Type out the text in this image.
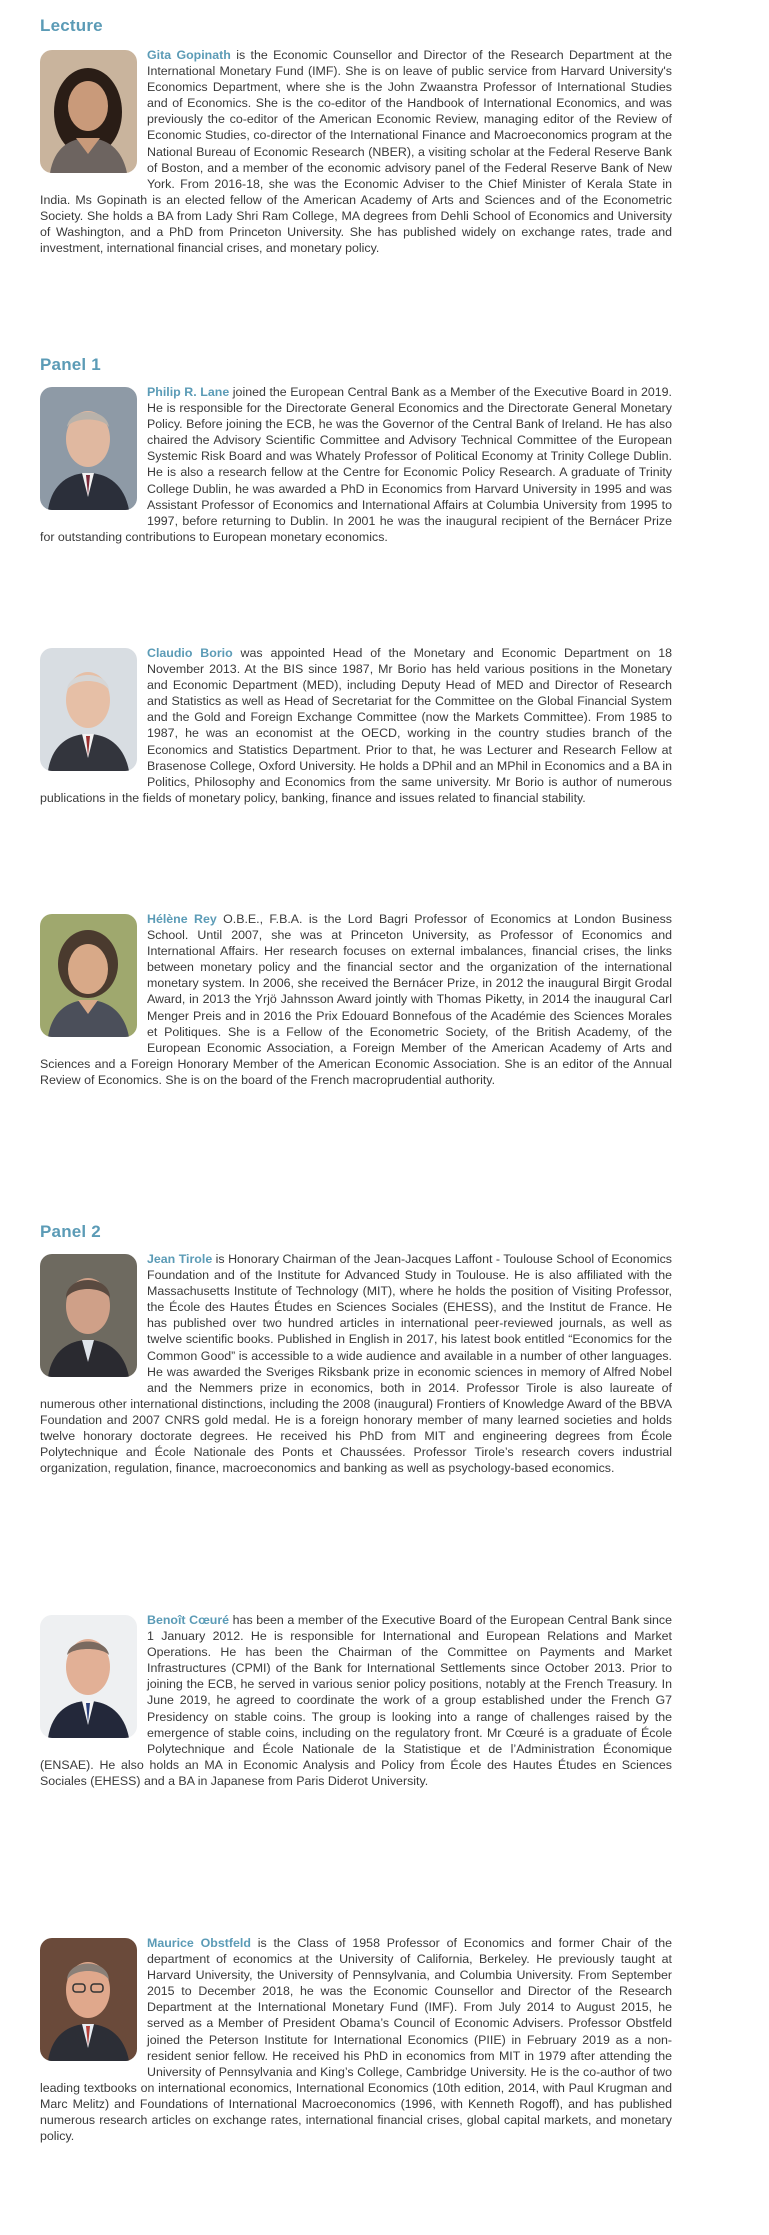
Lecture
Gita Gopinath is the Economic Counsellor and Director of the Research Department at the International Monetary Fund (IMF). She is on leave of public service from Harvard University's Economics Department, where she is the John Zwaanstra Professor of International Studies and of Economics. She is the co-editor of the Handbook of International Economics, and was previously the co-editor of the American Economic Review, managing editor of the Review of Economic Studies, co-director of the International Finance and Macroeconomics program at the National Bureau of Economic Research (NBER), a visiting scholar at the Federal Reserve Bank of Boston, and a member of the economic advisory panel of the Federal Reserve Bank of New York. From 2016-18, she was the Economic Adviser to the Chief Minister of Kerala State in India. Ms Gopinath is an elected fellow of the American Academy of Arts and Sciences and of the Econometric Society. She holds a BA from Lady Shri Ram College, MA degrees from Dehli School of Economics and University of Washington, and a PhD from Princeton University. She has published widely on exchange rates, trade and investment, international financial crises, and monetary policy.
Panel 1
Philip R. Lane joined the European Central Bank as a Member of the Executive Board in 2019. He is responsible for the Directorate General Economics and the Directorate General Monetary Policy. Before joining the ECB, he was the Governor of the Central Bank of Ireland. He has also chaired the Advisory Scientific Committee and Advisory Technical Committee of the European Systemic Risk Board and was Whately Professor of Political Economy at Trinity College Dublin. He is also a research fellow at the Centre for Economic Policy Research. A graduate of Trinity College Dublin, he was awarded a PhD in Economics from Harvard University in 1995 and was Assistant Professor of Economics and International Affairs at Columbia University from 1995 to 1997, before returning to Dublin. In 2001 he was the inaugural recipient of the Bernácer Prize for outstanding contributions to European monetary economics.
Claudio Borio was appointed Head of the Monetary and Economic Department on 18 November 2013. At the BIS since 1987, Mr Borio has held various positions in the Monetary and Economic Department (MED), including Deputy Head of MED and Director of Research and Statistics as well as Head of Secretariat for the Committee on the Global Financial System and the Gold and Foreign Exchange Committee (now the Markets Committee). From 1985 to 1987, he was an economist at the OECD, working in the country studies branch of the Economics and Statistics Department. Prior to that, he was Lecturer and Research Fellow at Brasenose College, Oxford University. He holds a DPhil and an MPhil in Economics and a BA in Politics, Philosophy and Economics from the same university. Mr Borio is author of numerous publications in the fields of monetary policy, banking, finance and issues related to financial stability.
Hélène Rey O.B.E., F.B.A. is the Lord Bagri Professor of Economics at London Business School. Until 2007, she was at Princeton University, as Professor of Economics and International Affairs. Her research focuses on external imbalances, financial crises, the links between monetary policy and the financial sector and the organization of the international monetary system. In 2006, she received the Bernácer Prize, in 2012 the inaugural Birgit Grodal Award, in 2013 the Yrjö Jahnsson Award jointly with Thomas Piketty, in 2014 the inaugural Carl Menger Preis and in 2016 the Prix Edouard Bonnefous of the Académie des Sciences Morales et Politiques. She is a Fellow of the Econometric Society, of the British Academy, of the European Economic Association, a Foreign Member of the American Academy of Arts and Sciences and a Foreign Honorary Member of the American Economic Association. She is an editor of the Annual Review of Economics. She is on the board of the French macroprudential authority.
Panel 2
Jean Tirole is Honorary Chairman of the Jean-Jacques Laffont - Toulouse School of Economics Foundation and of the Institute for Advanced Study in Toulouse. He is also affiliated with the Massachusetts Institute of Technology (MIT), where he holds the position of Visiting Professor, the École des Hautes Études en Sciences Sociales (EHESS), and the Institut de France. He has published over two hundred articles in international peer-reviewed journals, as well as twelve scientific books. Published in English in 2017, his latest book entitled “Economics for the Common Good” is accessible to a wide audience and available in a number of other languages. He was awarded the Sveriges Riksbank prize in economic sciences in memory of Alfred Nobel and the Nemmers prize in economics, both in 2014. Professor Tirole is also laureate of numerous other international distinctions, including the 2008 (inaugural) Frontiers of Knowledge Award of the BBVA Foundation and 2007 CNRS gold medal. He is a foreign honorary member of many learned societies and holds twelve honorary doctorate degrees. He received his PhD from MIT and engineering degrees from École Polytechnique and École Nationale des Ponts et Chaussées. Professor Tirole’s research covers industrial organization, regulation, finance, macroeconomics and banking as well as psychology-based economics.
Benoît Cœuré has been a member of the Executive Board of the European Central Bank since 1 January 2012. He is responsible for International and European Relations and Market Operations. He has been the Chairman of the Committee on Payments and Market Infrastructures (CPMI) of the Bank for International Settlements since October 2013. Prior to joining the ECB, he served in various senior policy positions, notably at the French Treasury. In June 2019, he agreed to coordinate the work of a group established under the French G7 Presidency on stable coins. The group is looking into a range of challenges raised by the emergence of stable coins, including on the regulatory front. Mr Cœuré is a graduate of École Polytechnique and École Nationale de la Statistique et de l’Administration Économique (ENSAE). He also holds an MA in Economic Analysis and Policy from École des Hautes Études en Sciences Sociales (EHESS) and a BA in Japanese from Paris Diderot University.
Maurice Obstfeld is the Class of 1958 Professor of Economics and former Chair of the department of economics at the University of California, Berkeley. He previously taught at Harvard University, the University of Pennsylvania, and Columbia University. From September 2015 to December 2018, he was the Economic Counsellor and Director of the Research Department at the International Monetary Fund (IMF). From July 2014 to August 2015, he served as a Member of President Obama’s Council of Economic Advisers. Professor Obstfeld joined the Peterson Institute for International Economics (PIIE) in February 2019 as a non-resident senior fellow. He received his PhD in economics from MIT in 1979 after attending the University of Pennsylvania and King’s College, Cambridge University. He is the co-author of two leading textbooks on international economics, International Economics (10th edition, 2014, with Paul Krugman and Marc Melitz) and Foundations of International Macroeconomics (1996, with Kenneth Rogoff), and has published numerous research articles on exchange rates, international financial crises, global capital markets, and monetary policy.
